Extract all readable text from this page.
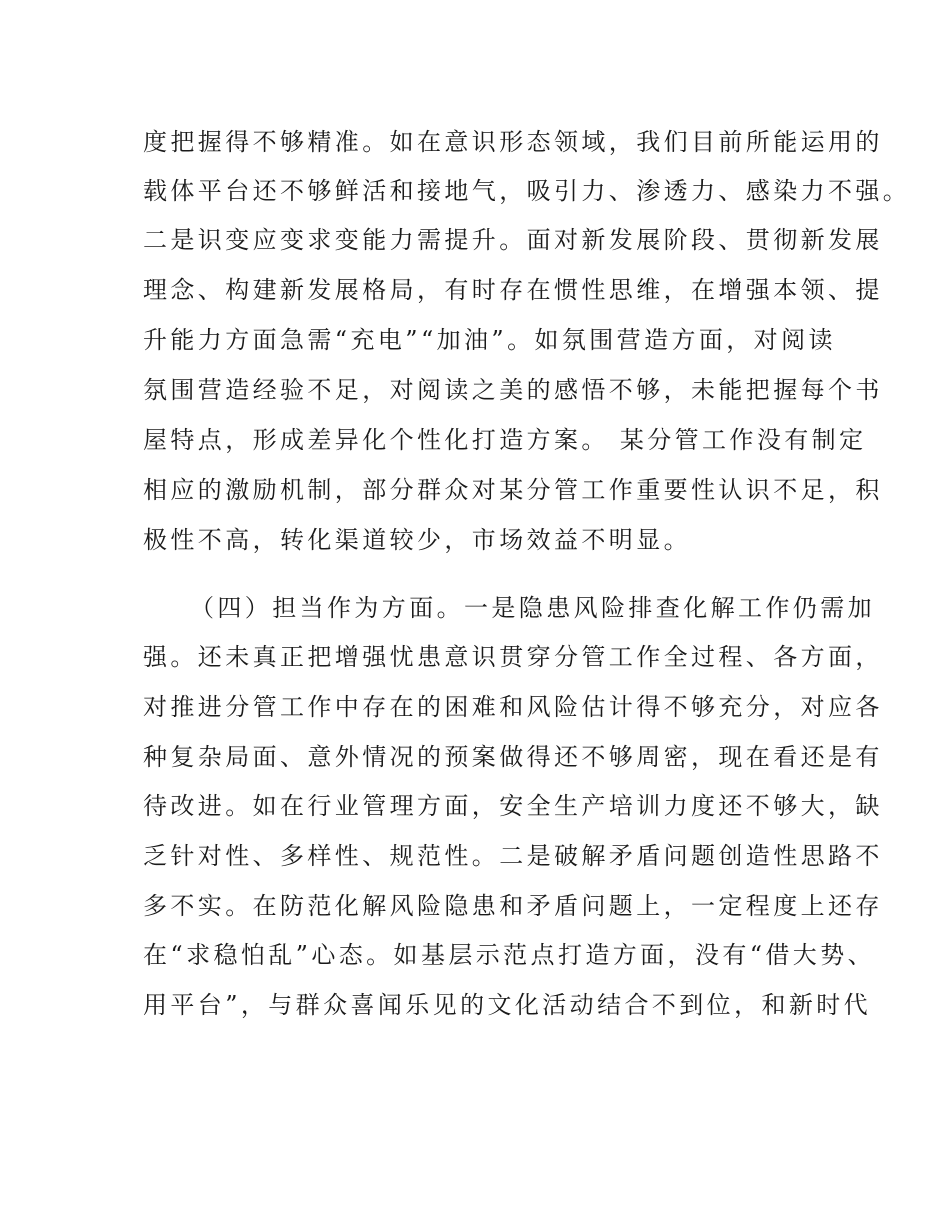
度把握得不够精准。如在意识形态领域，我们目前所能运用的
载体平台还不够鲜活和接地气，吸引力、渗透力、感染力不强。
二是识变应变求变能力需提升。面对新发展阶段、贯彻新发展
理念、构建新发展格局，有时存在惯性思维，在增强本领、提
升能力方面急需“充电”“加油”。如氛围营造方面，对阅读
氛围营造经验不足，对阅读之美的感悟不够，未能把握每个书
屋特点，形成差异化个性化打造方案。 某分管工作没有制定
相应的激励机制，部分群众对某分管工作重要性认识不足，积
极性不高，转化渠道较少，市场效益不明显。
（四）担当作为方面。一是隐患风险排查化解工作仍需加
强。还未真正把增强忧患意识贯穿分管工作全过程、各方面，
对推进分管工作中存在的困难和风险估计得不够充分，对应各
种复杂局面、意外情况的预案做得还不够周密，现在看还是有
待改进。如在行业管理方面，安全生产培训力度还不够大，缺
乏针对性、多样性、规范性。二是破解矛盾问题创造性思路不
多不实。在防范化解风险隐患和矛盾问题上，一定程度上还存
在“求稳怕乱”心态。如基层示范点打造方面，没有“借大势、
用平台”，与群众喜闻乐见的文化活动结合不到位，和新时代
